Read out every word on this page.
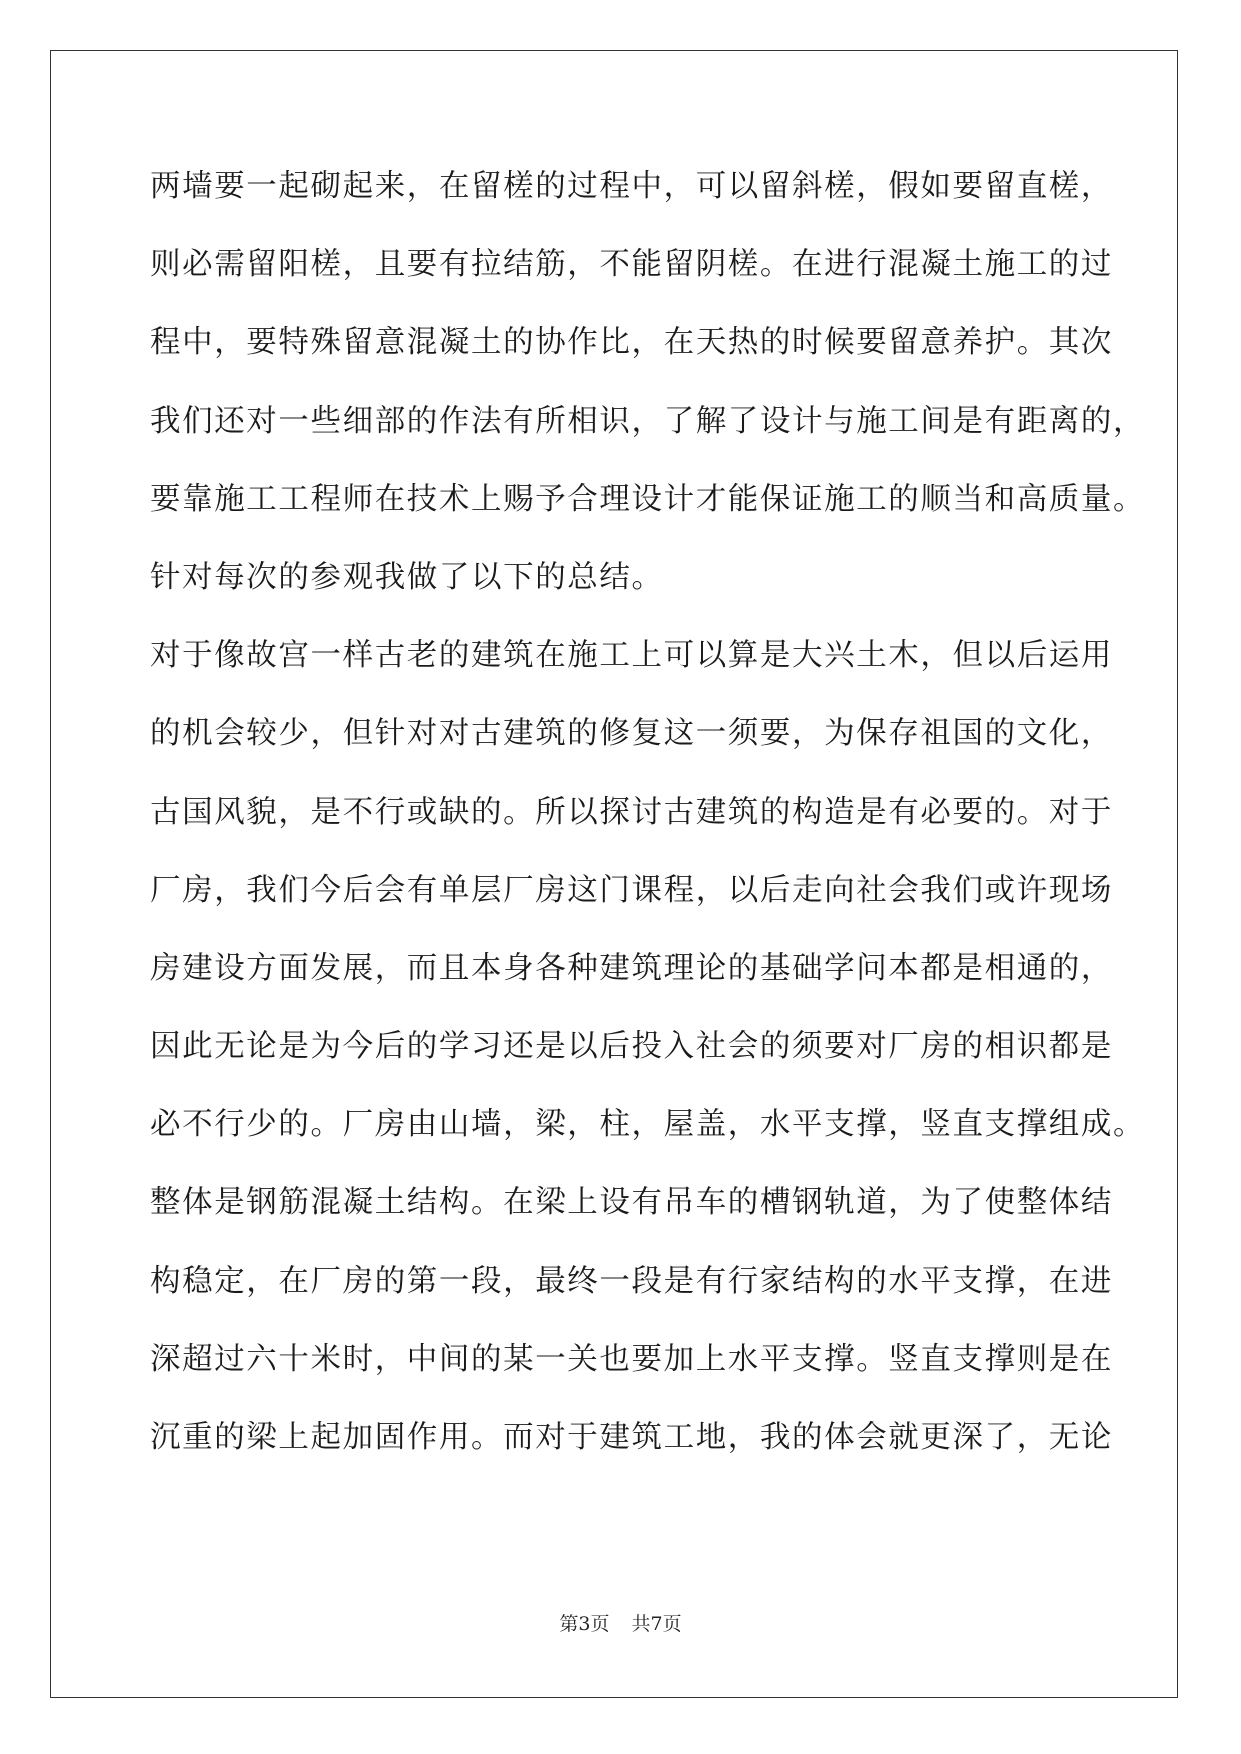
两墙要一起砌起来，在留槎的过程中，可以留斜槎，假如要留直槎，

则必需留阳槎，且要有拉结筋，不能留阴槎。在进行混凝土施工的过

程中，要特殊留意混凝土的协作比，在天热的时候要留意养护。其次

我们还对一些细部的作法有所相识，了解了设计与施工间是有距离的，

要靠施工工程师在技术上赐予合理设计才能保证施工的顺当和高质量。

针对每次的参观我做了以下的总结。

对于像故宫一样古老的建筑在施工上可以算是大兴土木，但以后运用

的机会较少，但针对对古建筑的修复这一须要，为保存祖国的文化，

古国风貌，是不行或缺的。所以探讨古建筑的构造是有必要的。对于

厂房，我们今后会有单层厂房这门课程，以后走向社会我们或许现场

房建设方面发展，而且本身各种建筑理论的基础学问本都是相通的，

因此无论是为今后的学习还是以后投入社会的须要对厂房的相识都是

必不行少的。厂房由山墙，梁，柱，屋盖，水平支撑，竖直支撑组成。

整体是钢筋混凝土结构。在梁上设有吊车的槽钢轨道，为了使整体结

构稳定，在厂房的第一段，最终一段是有行家结构的水平支撑，在进

深超过六十米时，中间的某一关也要加上水平支撑。竖直支撑则是在

沉重的梁上起加固作用。而对于建筑工地，我的体会就更深了，无论

第3页 共7页
